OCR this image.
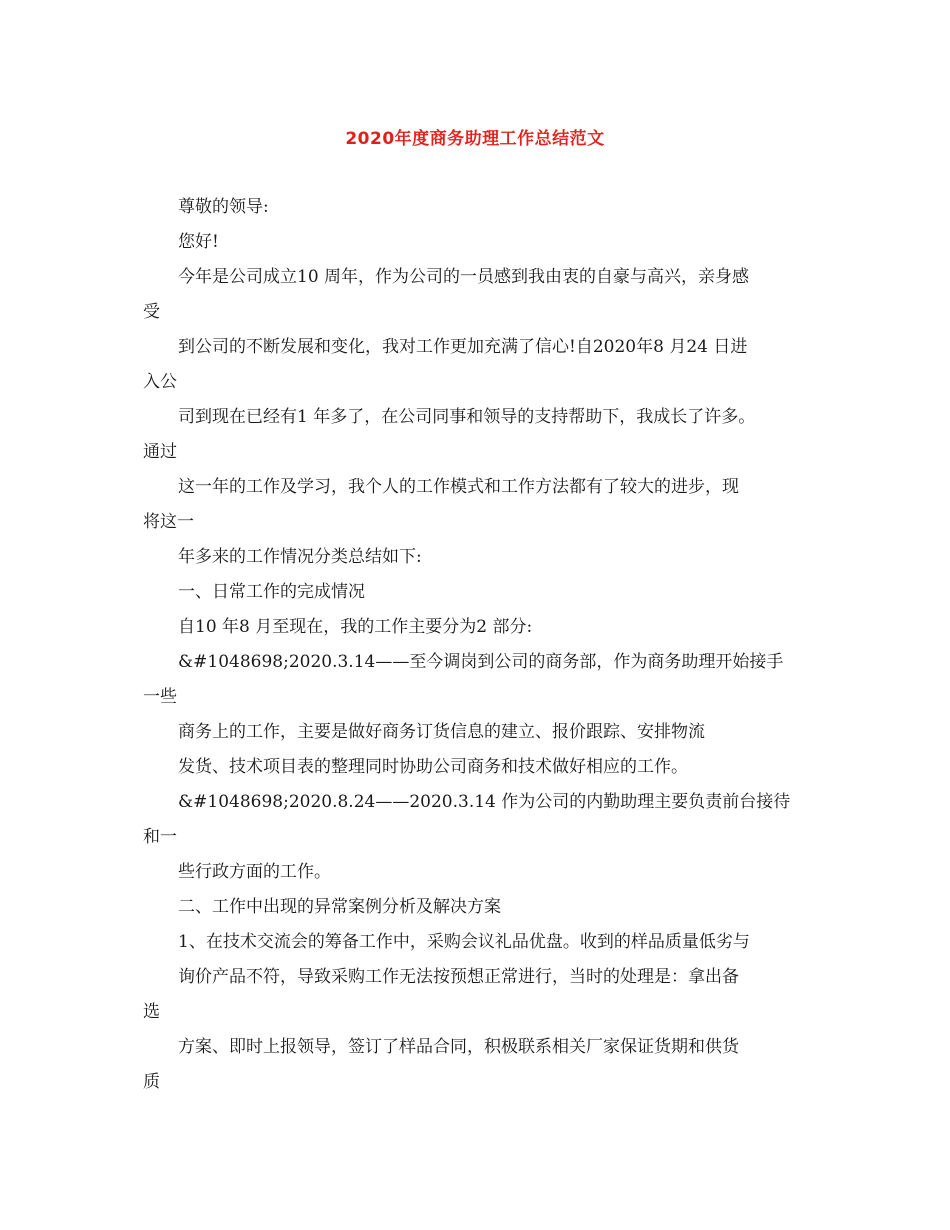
2020年度商务助理工作总结范文

尊敬的领导:

您好!

今年是公司成立10 周年，作为公司的一员感到我由衷的自豪与高兴，亲身感

受

到公司的不断发展和变化，我对工作更加充满了信心!自2020年8 月24 日进

入公

司到现在已经有1 年多了，在公司同事和领导的支持帮助下，我成长了许多。

通过

这一年的工作及学习，我个人的工作模式和工作方法都有了较大的进步，现

将这一

年多来的工作情况分类总结如下:

一、日常工作的完成情况

自10 年8 月至现在，我的工作主要分为2 部分:

&#1048698;2020.3.14——至今调岗到公司的商务部，作为商务助理开始接手

一些

商务上的工作，主要是做好商务订货信息的建立、报价跟踪、安排物流

发货、技术项目表的整理同时协助公司商务和技术做好相应的工作。

&#1048698;2020.8.24——2020.3.14 作为公司的内勤助理主要负责前台接待

和一

些行政方面的工作。

二、工作中出现的异常案例分析及解决方案

1、在技术交流会的筹备工作中，采购会议礼品优盘。收到的样品质量低劣与

询价产品不符，导致采购工作无法按预想正常进行，当时的处理是：拿出备

选

方案、即时上报领导，签订了样品合同，积极联系相关厂家保证货期和供货

质
